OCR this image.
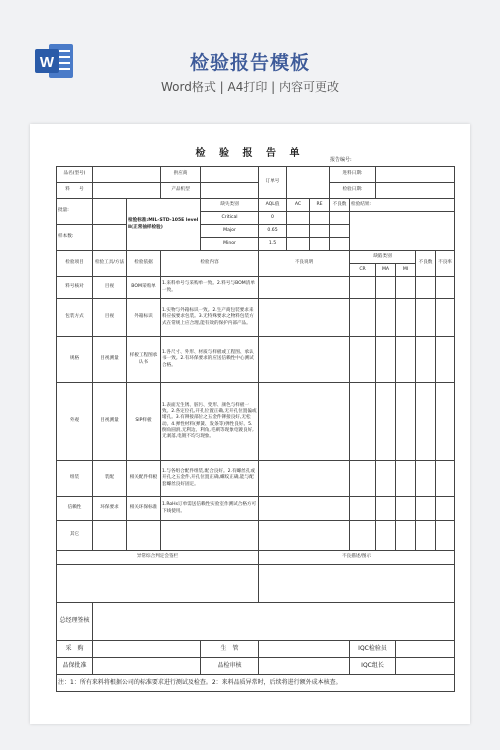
W	检验报告模板
Word格式 | A4打印 | 内容可更改
检 验 报 告 单
报告编号:
品名(型号)			供应商		订单号			进料日期:					
料　　号			产品机型					检验日期:					
批量:		检验标准:MIL-STD-105E level Ⅱ(正常抽样检验)		缺失类别	AQL值	AC	RE	不良数	检验结果:				
				Critical	0								
样本数:				Major	0.65								
				Minor	1.5								
检验项目	检验工具/方法	检验依据	检验内容		不良说明				缺陷类别			不良数	不良率
									CR	MA	MI		
料号核对	目视	BOM采购单	1.来料单号与采购单一致。2.料号与BOM清单一致。										
包装方式	目视	外箱标识	1.实物与外箱标识一致。2.生产商包装要求来料应按要求包装。3.无特殊要求之物料包装方式在常规上应合理,能有效的保护内部产品。										
规格	目视测量	样板工程图承认书	1.各尺寸、外形、材质与样板或工程图、承认书一致。2.有环保要求的应送信赖性中心测试合格。										
外观	目视测量	SIP样板	1.表面无生锈、脏污、变形、颜色与样板一致。2.各定位孔,开孔位置正确,无开孔位置偏或堵孔。3.有铆接部位之五金件铆接良好,无松动。4.弹性材料(弹簧、发条等)弹性良好。5.倒角圆滑,无利边、利角,毛刺等现象电镀良好,无剥落,电镀不均匀现象。										
组装	装配	相关配件样板	1.与各组合配件组装,配合良好。2.有螺丝孔或开孔之五金件,开孔位置正确,螺纹正确,能与配套螺丝良好固定。										
信赖性	环保要求	相关环保标准	1.RoHs订单需送信赖性实验室作测试合格方可下线使用。										
其它													
异常综合判定会签栏					不良描述/图示								

总经理签核													
采　购				生　管					IQC检验员				
品保批准				品检审核					IQC组长				
注：1：所有来料将根据公司的标准要求进行测试及检查。2：来料品质异常时，后续将进行额外成本核查。													
